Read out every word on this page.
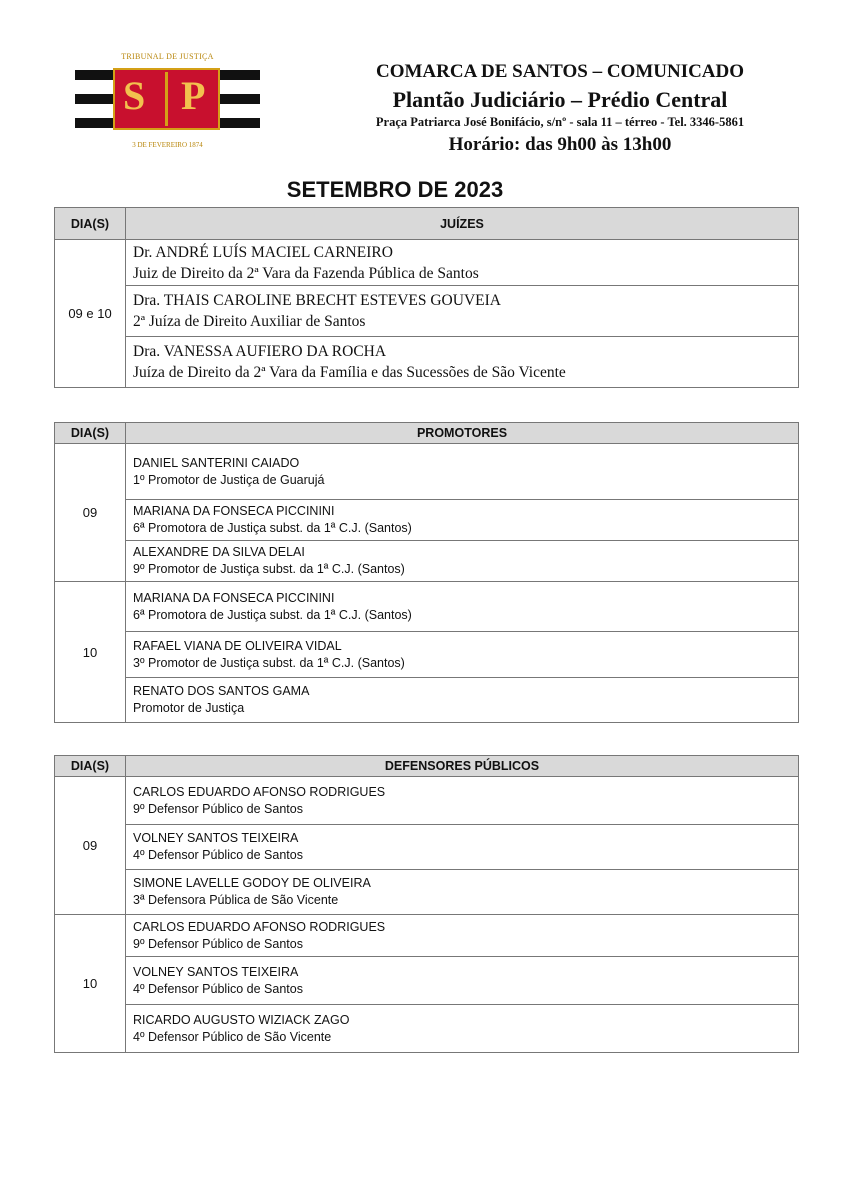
TRIBUNAL DE JUSTIÇA
S P
3 DE FEVEREIRO 1874
COMARCA DE SANTOS – COMUNICADO
Plantão Judiciário – Prédio Central
Praça Patriarca José Bonifácio, s/nº - sala 11 – térreo - Tel. 3346-5861
Horário: das 9h00 às 13h00
SETEMBRO DE 2023
DIA(S)	JUÍZES
09 e 10	Dr. ANDRÉ LUÍS MACIEL CARNEIRO
Juiz de Direito da 2ª Vara da Fazenda Pública de Santos

	Dra. THAIS CAROLINE BRECHT ESTEVES GOUVEIA
2ª Juíza de Direito Auxiliar de Santos

	Dra. VANESSA AUFIERO DA ROCHA
Juíza de Direito da 2ª Vara da Família e das Sucessões de São Vicente
DIA(S)	PROMOTORES
09	DANIEL SANTERINI CAIADO
1º Promotor de Justiça de Guarujá

	MARIANA DA FONSECA PICCININI
6ª Promotora de Justiça subst. da 1ª C.J. (Santos)

	ALEXANDRE DA SILVA DELAI
9º Promotor de Justiça subst. da 1ª C.J. (Santos)

10	MARIANA DA FONSECA PICCININI
6ª Promotora de Justiça subst. da 1ª C.J. (Santos)

	RAFAEL VIANA DE OLIVEIRA VIDAL
3º Promotor de Justiça subst. da 1ª C.J. (Santos)

	RENATO DOS SANTOS GAMA
Promotor de Justiça
DIA(S)	DEFENSORES PÚBLICOS
09	CARLOS EDUARDO AFONSO RODRIGUES
9º Defensor Público de Santos

	VOLNEY SANTOS TEIXEIRA
4º Defensor Público de Santos

	SIMONE LAVELLE GODOY DE OLIVEIRA
3ª Defensora Pública de São Vicente

10	CARLOS EDUARDO AFONSO RODRIGUES
9º Defensor Público de Santos

	VOLNEY SANTOS TEIXEIRA
4º Defensor Público de Santos

	RICARDO AUGUSTO WIZIACK ZAGO
4º Defensor Público de São Vicente
